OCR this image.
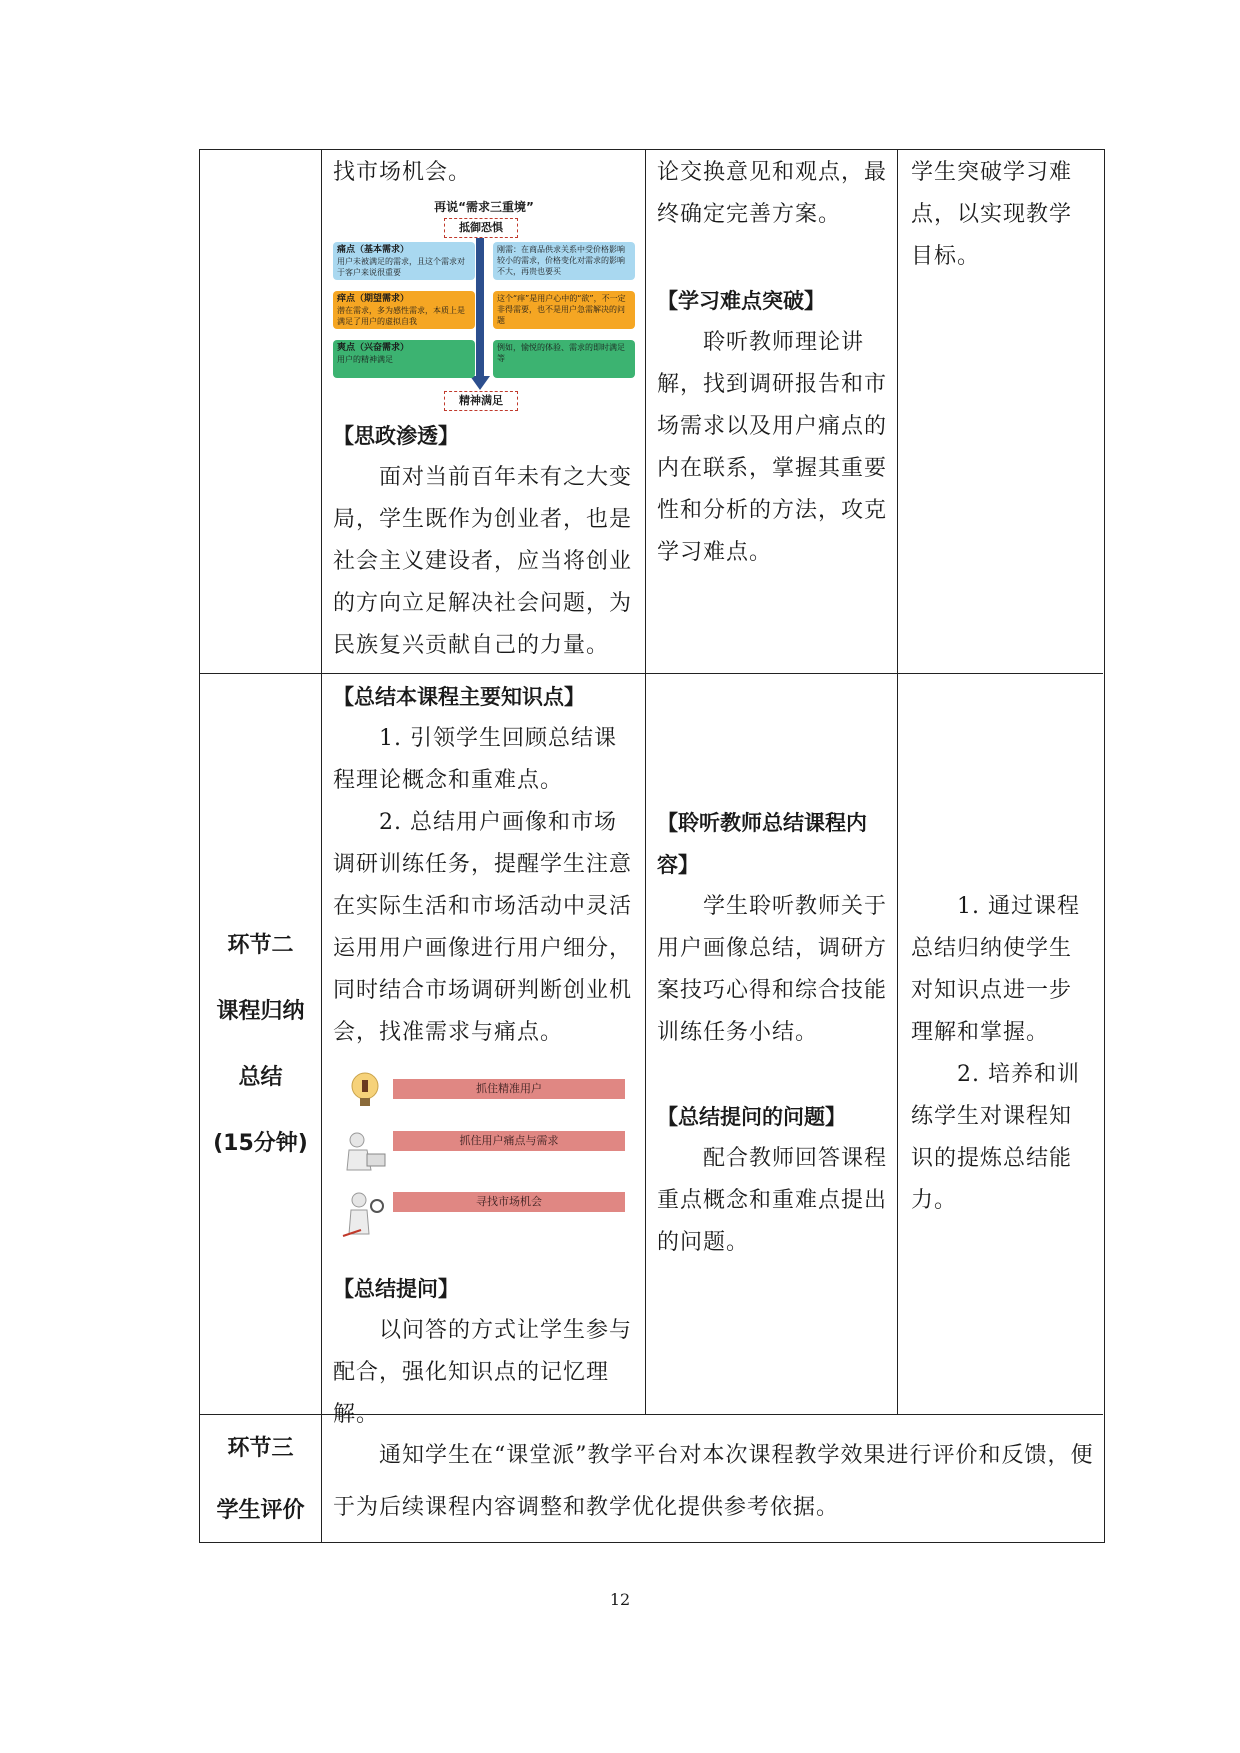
找市场机会。

再说“需求三重境”
抵御恐惧
痛点（基本需求）
用户未被满足的需求，且这个需求对于客户来说很重要
痒点（期望需求）
潜在需求，多为感性需求，本质上是满足了用户的虚拟自我
爽点（兴奋需求）
用户的精神满足
刚需：在商品供求关系中受价格影响较小的需求，价格变化对需求的影响不大，再贵也要买
这个“痒”是用户心中的“欲”，不一定非得需要，也不是用户急需解决的问题
例如，愉悦的体验、需求的即时满足等
精神满足

【思政渗透】

面对当前百年未有之大变局，学生既作为创业者，也是社会主义建设者，应当将创业的方向立足解决社会问题，为民族复兴贡献自己的力量。

论交换意见和观点，最终确定完善方案。

【学习难点突破】

聆听教师理论讲解，找到调研报告和市场需求以及用户痛点的内在联系，掌握其重要性和分析的方法，攻克学习难点。

学生突破学习难点，以实现教学目标。

环节二

课程归纳

总结

(15分钟)

【总结本课程主要知识点】

1. 引领学生回顾总结课程理论概念和重难点。

2. 总结用户画像和市场调研训练任务，提醒学生注意在实际生活和市场活动中灵活运用用户画像进行用户细分，同时结合市场调研判断创业机会，找准需求与痛点。

抓住精准用户
抓住用户痛点与需求
寻找市场机会

【总结提问】

以问答的方式让学生参与配合，强化知识点的记忆理解。

【聆听教师总结课程内容】

学生聆听教师关于用户画像总结，调研方案技巧心得和综合技能训练任务小结。

【总结提问的问题】

配合教师回答课程重点概念和重难点提出的问题。

1. 通过课程总结归纳使学生对知识点进一步理解和掌握。

2. 培养和训练学生对课程知识的提炼总结能力。

环节三

学生评价

通知学生在“课堂派”教学平台对本次课程教学效果进行评价和反馈，便于为后续课程内容调整和教学优化提供参考依据。

12
